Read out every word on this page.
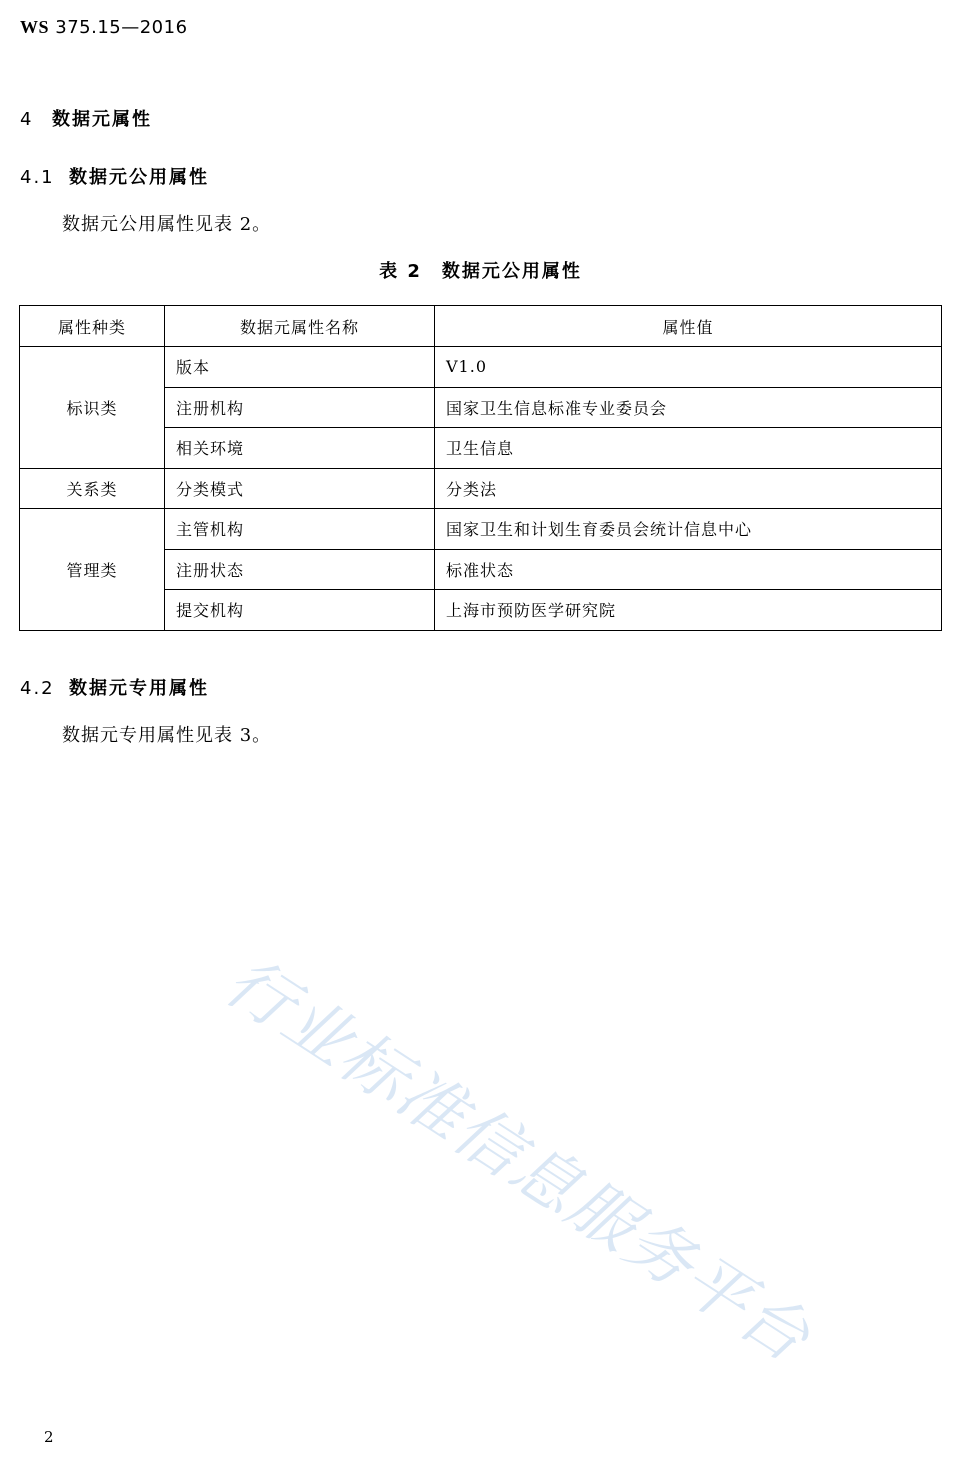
WS 375.15—2016
4 数据元属性
4.1 数据元公用属性
数据元公用属性见表 2。
表 2　数据元公用属性
属性种类	数据元属性名称	属性值
标识类	版本	V1.0
	注册机构	国家卫生信息标准专业委员会
	相关环境	卫生信息
关系类	分类模式	分类法
管理类	主管机构	国家卫生和计划生育委员会统计信息中心
	注册状态	标准状态
	提交机构	上海市预防医学研究院
4.2 数据元专用属性
数据元专用属性见表 3。
行业标准信息服务平台
2
